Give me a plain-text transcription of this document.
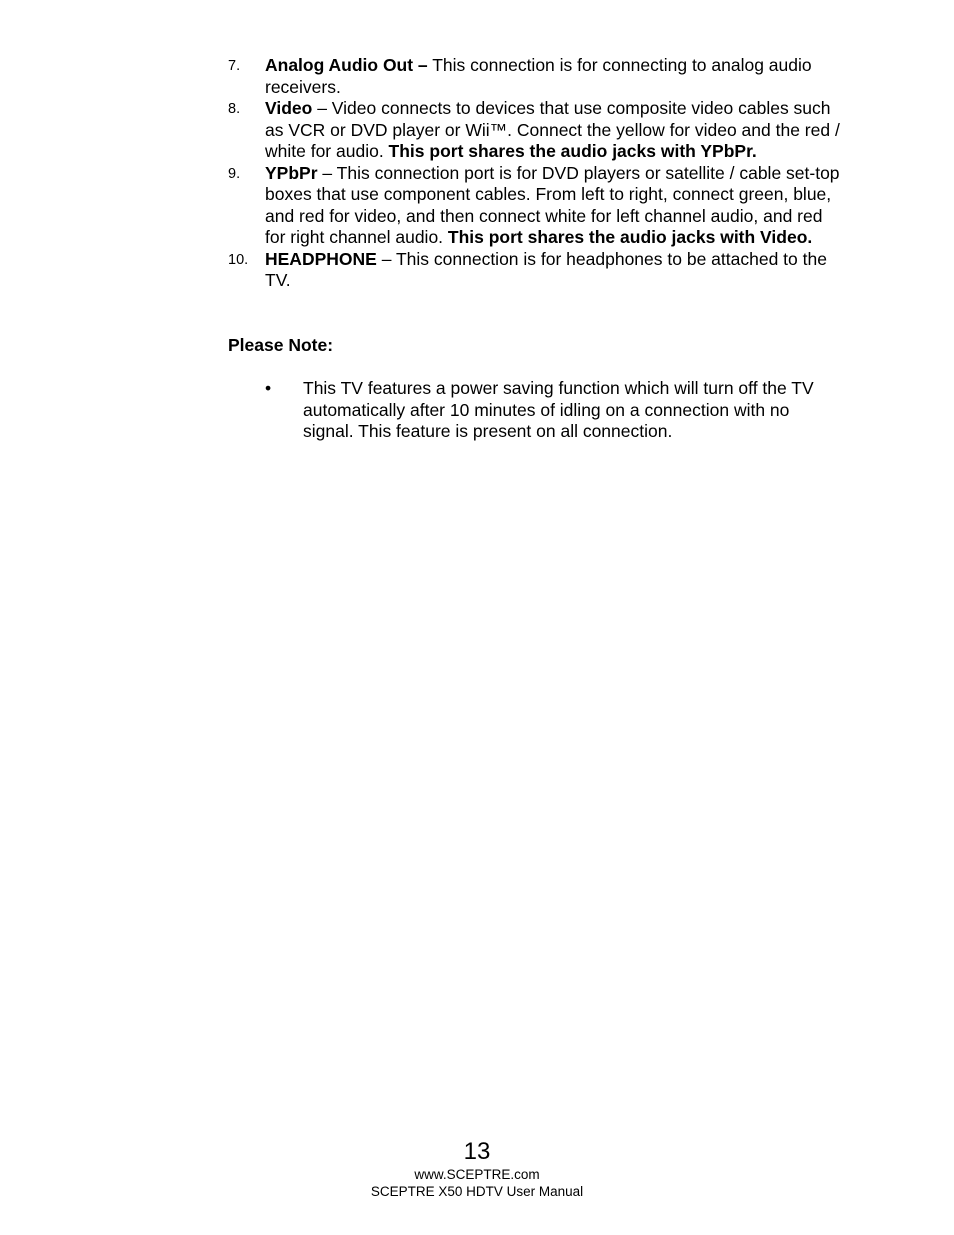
7. Analog Audio Out – This connection is for connecting to analog audio receivers.
8. Video – Video connects to devices that use composite video cables such as VCR or DVD player or Wii™. Connect the yellow for video and the red / white for audio. This port shares the audio jacks with YPbPr.
9. YPbPr – This connection port is for DVD players or satellite / cable set-top boxes that use component cables. From left to right, connect green, blue, and red for video, and then connect white for left channel audio, and red for right channel audio. This port shares the audio jacks with Video.
10. HEADPHONE – This connection is for headphones to be attached to the TV.
Please Note:
• This TV features a power saving function which will turn off the TV automatically after 10 minutes of idling on a connection with no signal. This feature is present on all connection.
13
www.SCEPTRE.com
SCEPTRE X50 HDTV User Manual
